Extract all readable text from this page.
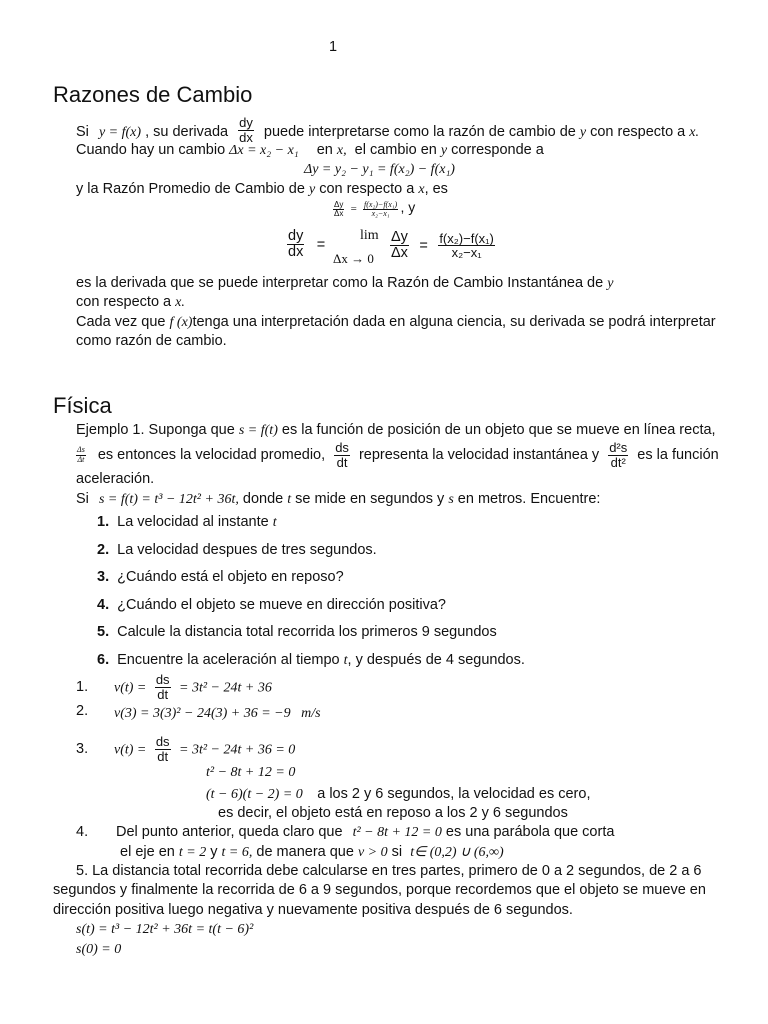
1
Razones de Cambio
Si y = f(x) , su derivada $\frac{dy}{dx}$ puede interpretarse como la razón de cambio de y con respecto a x.
Cuando hay un cambio Δx = x₂ − x₁ en x, el cambio en y corresponde a
Δy = y₂ − y₁ = f(x₂) − f(x₁)
y la Razón Promedio de Cambio de y con respecto a x, es
$\frac{\Delta y}{\Delta x} = \frac{\text{f(x₂)−f(x₁)}}{\text{x₂−x₁}}$ , y
$\frac{dy}{dx}$ =
lim
$\Delta x \to 0 \frac{\Delta y}{\Delta x} = \frac{\text{f(x₂)−f(x₁)}}{\text{x₂−x₁}}$
es la derivada que se puede interpretar como la Razón de Cambio Instantánea de y
con respecto a x.
Cada vez que f (x)tenga una interpretación dada en alguna ciencia, su derivada se podrá interpretar
como razón de cambio.
Física
Ejemplo 1. Suponga que s = f(t) es la función de posición de un objeto que se mueve en línea recta,
$\frac{\Delta s}{\Delta t}$ es entonces la velocidad promedio, $\frac{ds}{dt}$ representa la velocidad instantánea y $\frac{\text{d²s}}{\text{dt²}}$ es la función
aceleración.
Si s = f(t) = t³ − 12t² + 36t, donde t se mide en segundos y s en metros. Encuentre:
1. La velocidad al instante t
2. La velocidad despues de tres segundos.
3. ¿Cuándo está el objeto en reposo?
4. ¿Cuándo el objeto se mueve en dirección positiva?
5. Calcule la distancia total recorrida los primeros 9 segundos
6. Encuentre la aceleración al tiempo t, y después de 4 segundos.
1. $v(t) = \frac{ds}{dt} = 3t^2 - 24t + 36$
2. v(3) = 3(3)² − 24(3) + 36 = −9 m/s
3. $v(t) = \frac{ds}{dt} = 3t^2 - 24t + 36 = 0$
t² − 8t + 12 = 0
(t − 6)(t − 2) = 0 a los 2 y 6 segundos, la velocidad es cero,
es decir, el objeto está en reposo a los 2 y 6 segundos
4. Del punto anterior, queda claro que t² − 8t + 12 = 0 es una parábola que corta
el eje en t = 2 y t = 6, de manera que v > 0 si t∈ (0,2) ∪ (6,∞)
5. La distancia total recorrida debe calcularse en tres partes, primero de 0 a 2 segundos, de 2 a 6
segundos y finalmente la recorrida de 6 a 9 segundos, porque recordemos que el objeto se mueve en
dirección positiva luego negativa y nuevamente positiva después de 6 segundos.
s(t) = t³ − 12t² + 36t = t(t − 6)²
s(0) = 0
